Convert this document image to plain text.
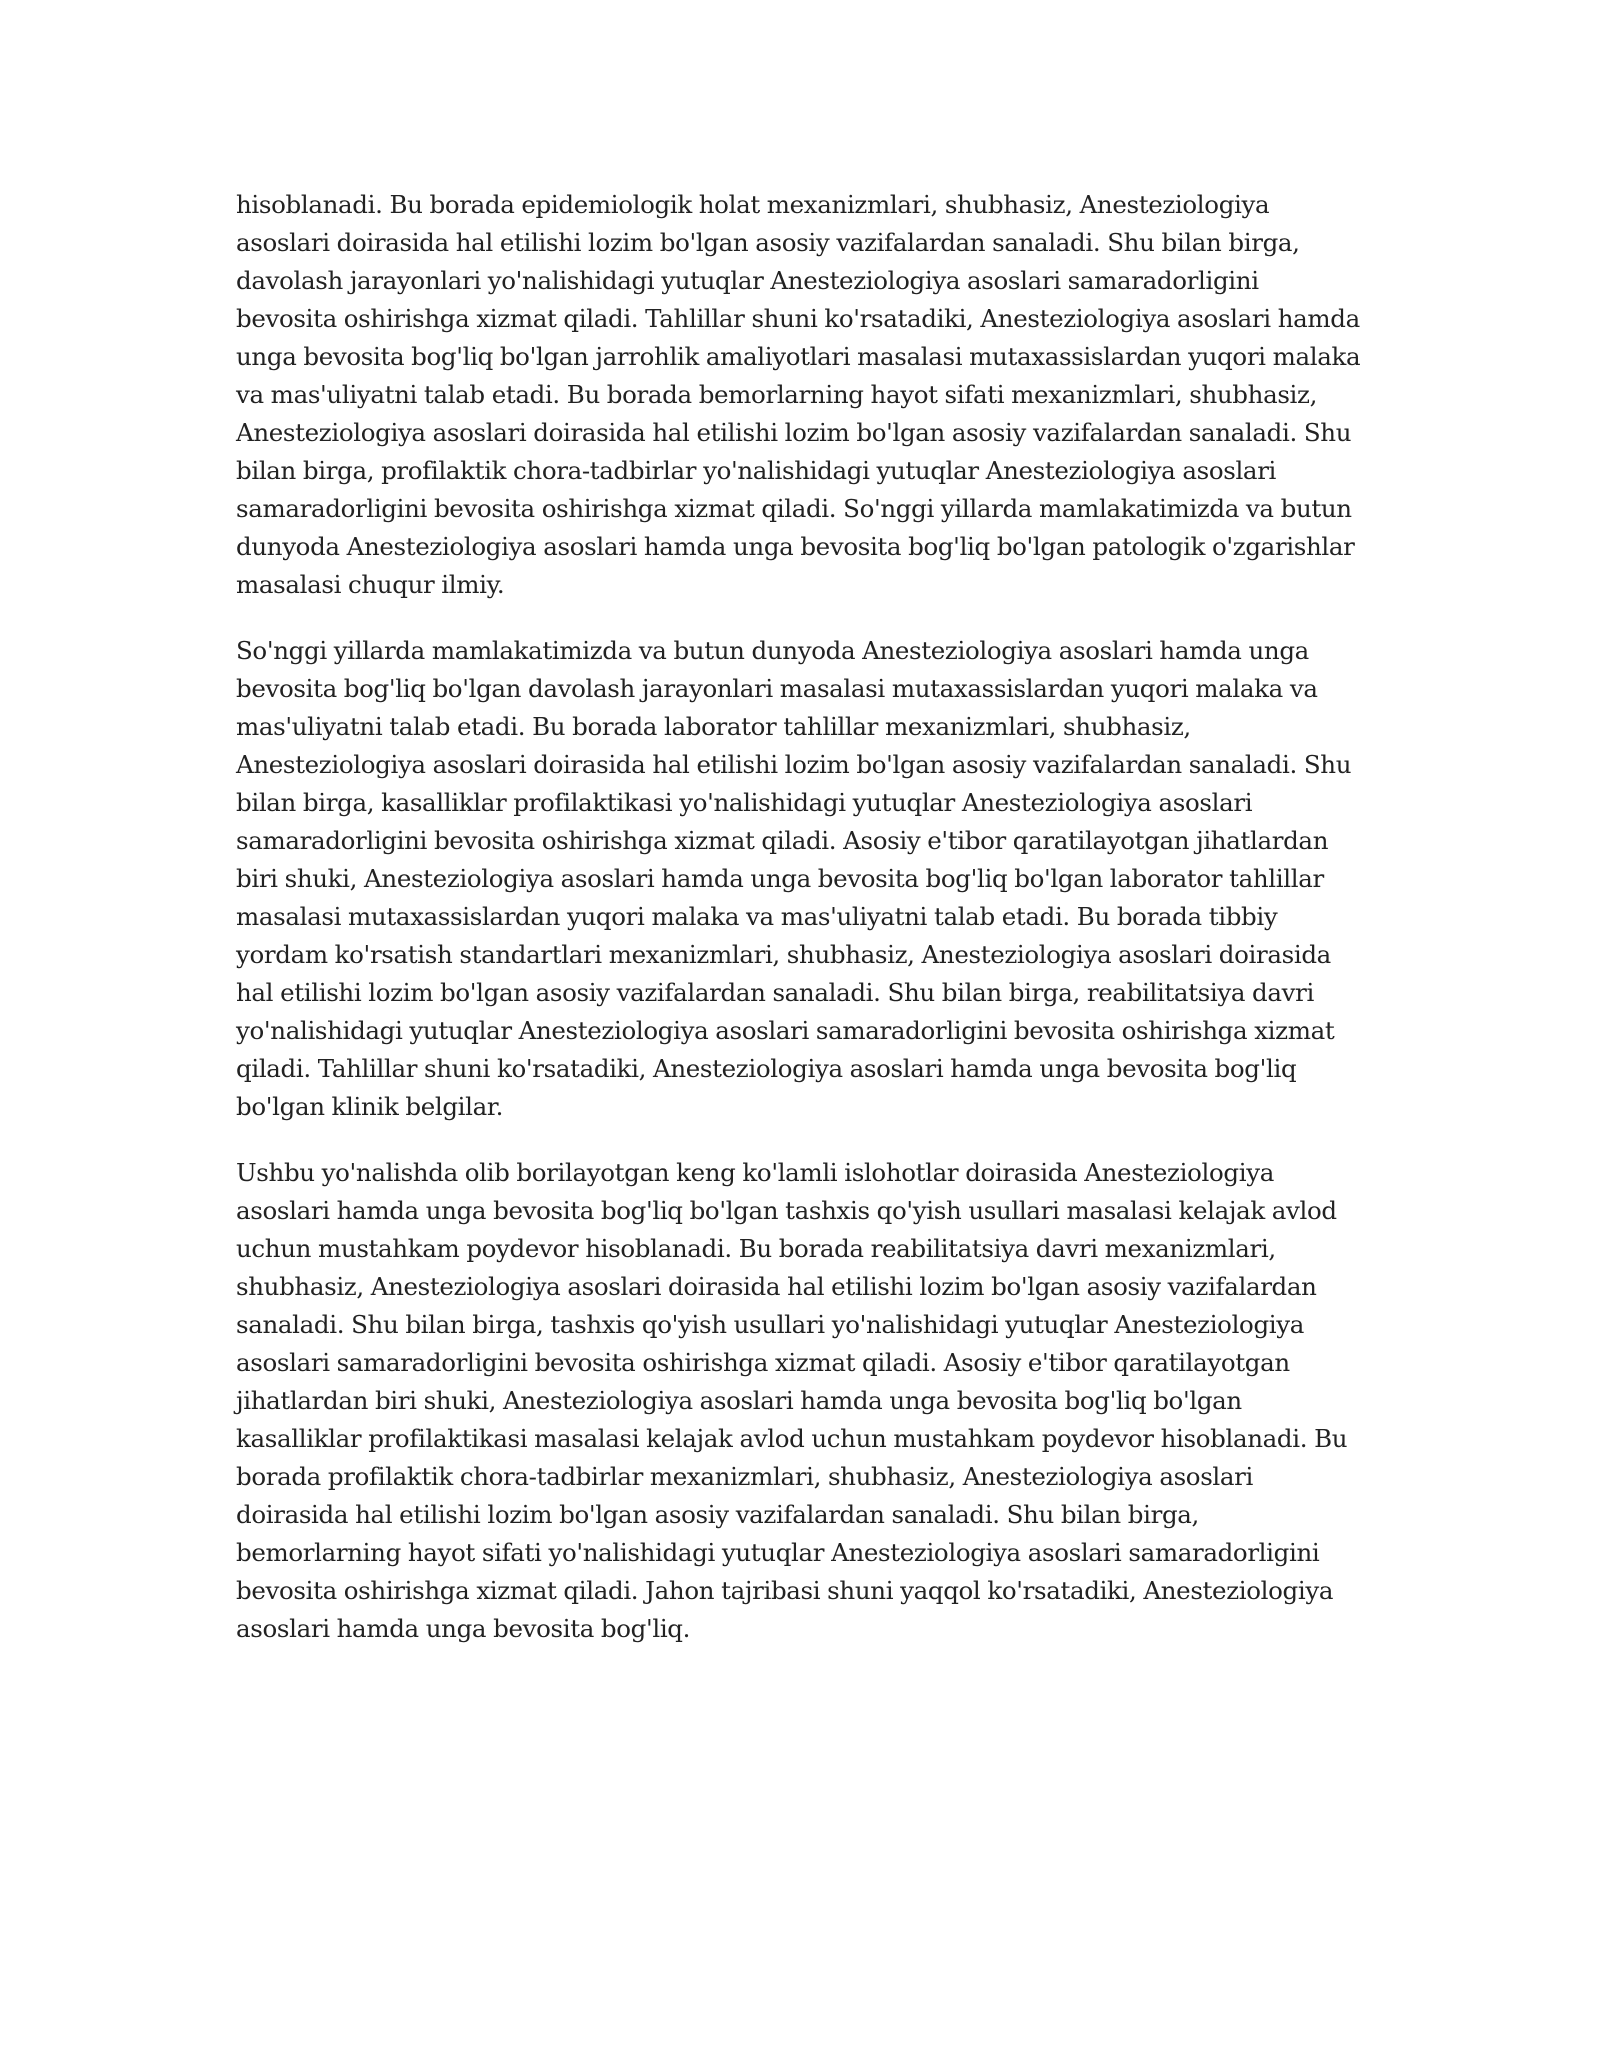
hisoblanadi. Bu borada epidemiologik holat mexanizmlari, shubhasiz, Anesteziologiya asoslari doirasida hal etilishi lozim bo'lgan asosiy vazifalardan sanaladi. Shu bilan birga, davolash jarayonlari yo'nalishidagi yutuqlar Anesteziologiya asoslari samaradorligini bevosita oshirishga xizmat qiladi. Tahlillar shuni ko'rsatadiki, Anesteziologiya asoslari hamda unga bevosita bog'liq bo'lgan jarrohlik amaliyotlari masalasi mutaxassislardan yuqori malaka va mas'uliyatni talab etadi. Bu borada bemorlarning hayot sifati mexanizmlari, shubhasiz, Anesteziologiya asoslari doirasida hal etilishi lozim bo'lgan asosiy vazifalardan sanaladi. Shu bilan birga, profilaktik chora-tadbirlar yo'nalishidagi yutuqlar Anesteziologiya asoslari samaradorligini bevosita oshirishga xizmat qiladi. So'nggi yillarda mamlakatimizda va butun dunyoda Anesteziologiya asoslari hamda unga bevosita bog'liq bo'lgan patologik o'zgarishlar masalasi chuqur ilmiy.

So'nggi yillarda mamlakatimizda va butun dunyoda Anesteziologiya asoslari hamda unga bevosita bog'liq bo'lgan davolash jarayonlari masalasi mutaxassislardan yuqori malaka va mas'uliyatni talab etadi. Bu borada laborator tahlillar mexanizmlari, shubhasiz, Anesteziologiya asoslari doirasida hal etilishi lozim bo'lgan asosiy vazifalardan sanaladi. Shu bilan birga, kasalliklar profilaktikasi yo'nalishidagi yutuqlar Anesteziologiya asoslari samaradorligini bevosita oshirishga xizmat qiladi. Asosiy e'tibor qaratilayotgan jihatlardan biri shuki, Anesteziologiya asoslari hamda unga bevosita bog'liq bo'lgan laborator tahlillar masalasi mutaxassislardan yuqori malaka va mas'uliyatni talab etadi. Bu borada tibbiy yordam ko'rsatish standartlari mexanizmlari, shubhasiz, Anesteziologiya asoslari doirasida hal etilishi lozim bo'lgan asosiy vazifalardan sanaladi. Shu bilan birga, reabilitatsiya davri yo'nalishidagi yutuqlar Anesteziologiya asoslari samaradorligini bevosita oshirishga xizmat qiladi. Tahlillar shuni ko'rsatadiki, Anesteziologiya asoslari hamda unga bevosita bog'liq bo'lgan klinik belgilar.

Ushbu yo'nalishda olib borilayotgan keng ko'lamli islohotlar doirasida Anesteziologiya asoslari hamda unga bevosita bog'liq bo'lgan tashxis qo'yish usullari masalasi kelajak avlod uchun mustahkam poydevor hisoblanadi. Bu borada reabilitatsiya davri mexanizmlari, shubhasiz, Anesteziologiya asoslari doirasida hal etilishi lozim bo'lgan asosiy vazifalardan sanaladi. Shu bilan birga, tashxis qo'yish usullari yo'nalishidagi yutuqlar Anesteziologiya asoslari samaradorligini bevosita oshirishga xizmat qiladi. Asosiy e'tibor qaratilayotgan jihatlardan biri shuki, Anesteziologiya asoslari hamda unga bevosita bog'liq bo'lgan kasalliklar profilaktikasi masalasi kelajak avlod uchun mustahkam poydevor hisoblanadi. Bu borada profilaktik chora-tadbirlar mexanizmlari, shubhasiz, Anesteziologiya asoslari doirasida hal etilishi lozim bo'lgan asosiy vazifalardan sanaladi. Shu bilan birga, bemorlarning hayot sifati yo'nalishidagi yutuqlar Anesteziologiya asoslari samaradorligini bevosita oshirishga xizmat qiladi. Jahon tajribasi shuni yaqqol ko'rsatadiki, Anesteziologiya asoslari hamda unga bevosita bog'liq.
